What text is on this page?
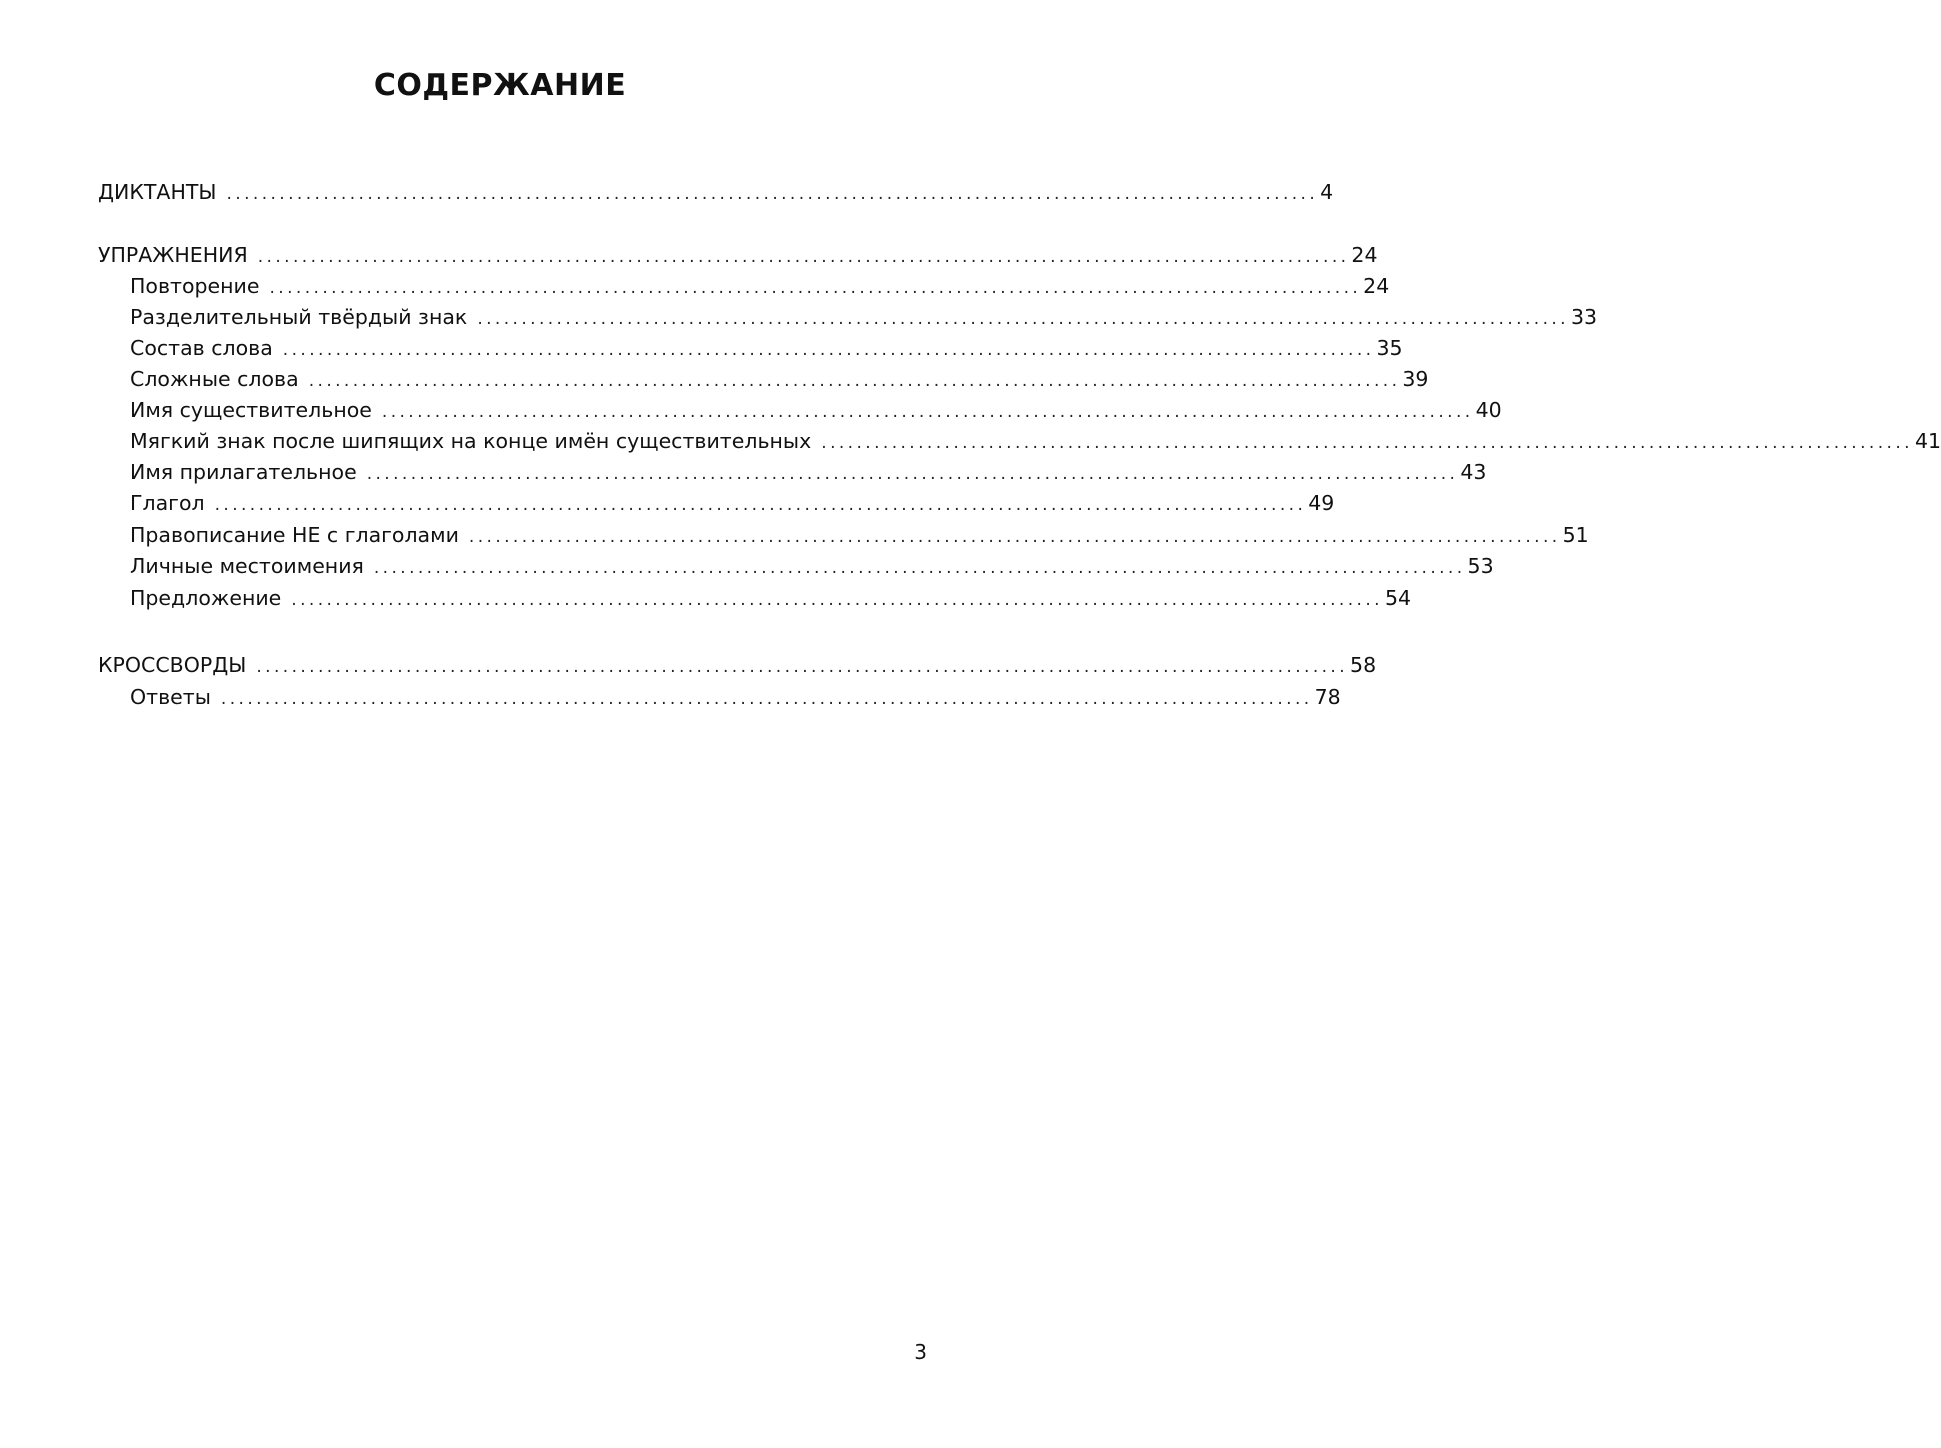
СОДЕРЖАНИЕ
ДИКТАНТЫ ............................................................................................................................ 4
УПРАЖНЕНИЯ ............................................................................................................................ 24
Повторение ............................................................................................................................ 24
Разделительный твёрдый знак ............................................................................................................................ 33
Состав слова ............................................................................................................................ 35
Сложные слова ............................................................................................................................ 39
Имя существительное ............................................................................................................................ 40
Мягкий знак после шипящих на конце имён существительных ............................................................................................................................ 41
Имя прилагательное ............................................................................................................................ 43
Глагол ............................................................................................................................ 49
Правописание НЕ с глаголами ............................................................................................................................ 51
Личные местоимения ............................................................................................................................ 53
Предложение ............................................................................................................................ 54
КРОССВОРДЫ ............................................................................................................................ 58
Ответы ............................................................................................................................ 78
3
